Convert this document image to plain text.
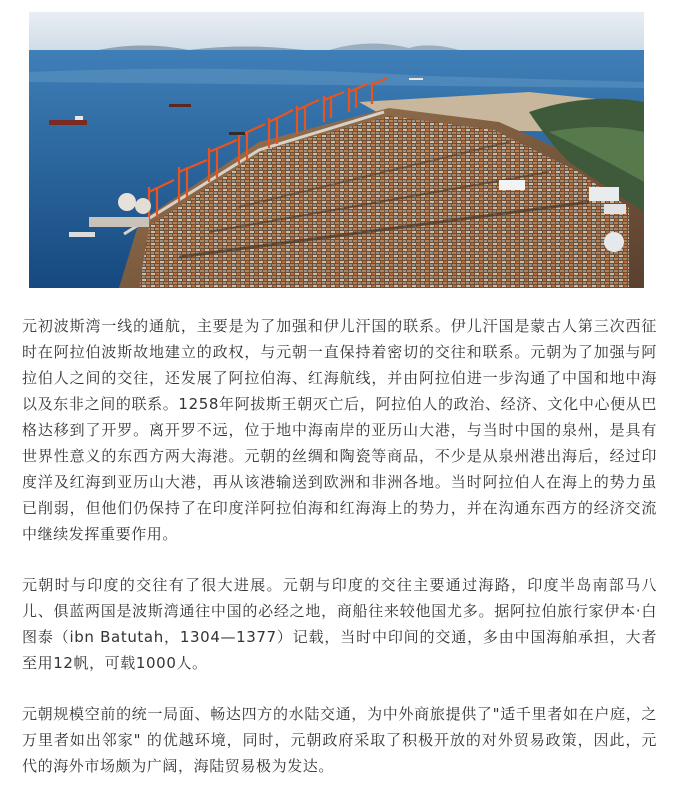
元初波斯湾一线的通航，主要是为了加强和伊儿汗国的联系。伊儿汗国是蒙古人第三次西征时在阿拉伯波斯故地建立的政权，与元朝一直保持着密切的交往和联系。元朝为了加强与阿拉伯人之间的交往，还发展了阿拉伯海、红海航线，并由阿拉伯进一步沟通了中国和地中海以及东非之间的联系。1258年阿拔斯王朝灭亡后，阿拉伯人的政治、经济、文化中心便从巴格达移到了开罗。离开罗不远，位于地中海南岸的亚历山大港，与当时中国的泉州，是具有世界性意义的东西方两大海港。元朝的丝绸和陶瓷等商品，不少是从泉州港出海后，经过印度洋及红海到亚历山大港，再从该港输送到欧洲和非洲各地。当时阿拉伯人在海上的势力虽已削弱，但他们仍保持了在印度洋阿拉伯海和红海海上的势力，并在沟通东西方的经济交流中继续发挥重要作用。

元朝时与印度的交往有了很大进展。元朝与印度的交往主要通过海路，印度半岛南部马八儿、俱蓝两国是波斯湾通往中国的必经之地，商船往来较他国尤多。据阿拉伯旅行家伊本·白图泰（ibn Batutah，1304—1377）记载，当时中印间的交通，多由中国海舶承担，大者至用12帆，可载1000人。

元朝规模空前的统一局面、畅达四方的水陆交通，为中外商旅提供了"适千里者如在户庭，之万里者如出邻家" 的优越环境，同时，元朝政府采取了积极开放的对外贸易政策，因此，元代的海外市场颇为广阔，海陆贸易极为发达。
